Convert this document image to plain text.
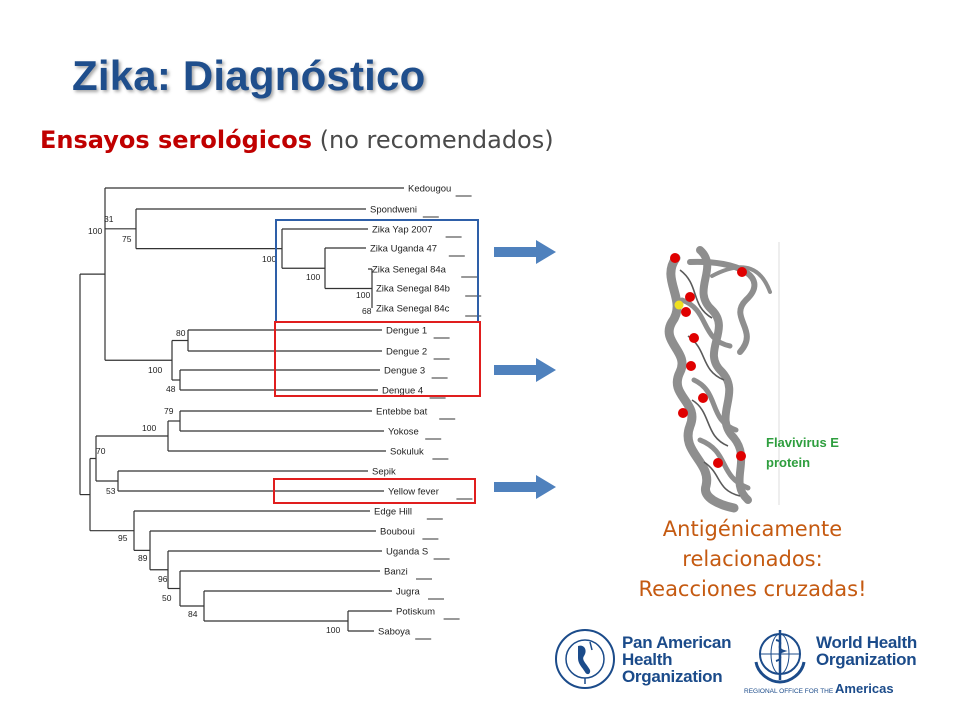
Zika: Diagnóstico
Ensayos serológicos (no recomendados)
Kedougou
Spondweni
Zika Yap 2007
Zika Uganda 47
Zika Senegal 84a
Zika Senegal 84b
Zika Senegal 84c
Dengue 1
Dengue 2
Dengue 3
Dengue 4
Entebbe bat
Yokose
Sokuluk
Sepik
Yellow fever
Edge Hill
Bouboui
Uganda S
Banzi
Jugra
Potiskum
Saboya
31
100
75
100
100
100
68
80
100
48
79
100
70
53
95
89
96
50
84
100
Flavivirus E
protein
Antigénicamente
relacionados:
Reacciones cruzadas!
Pan American
Health
Organization
World Health
Organization
REGIONAL OFFICE FOR THE Americas
